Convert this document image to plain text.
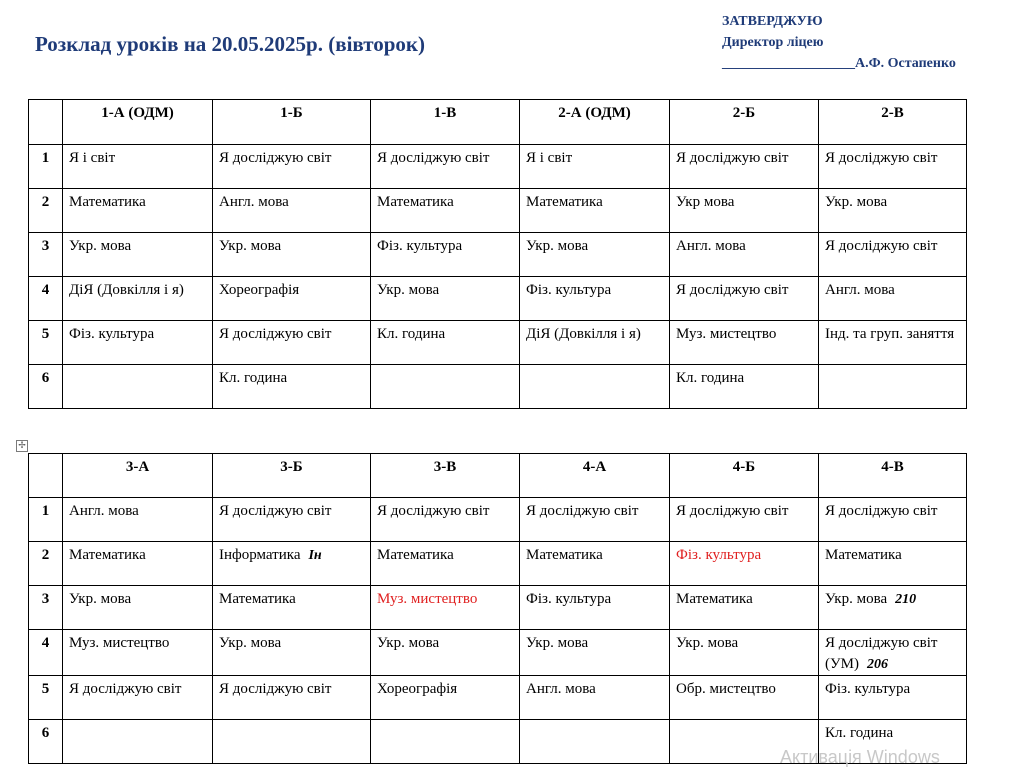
Розклад уроків на 20.05.2025р. (вівторок)
ЗАТВЕРДЖУЮ
Директор ліцею
___________________А.Ф. Остапенко
	1-А (ОДМ)	1-Б	1-В	2-А (ОДМ)	2-Б	2-В
1	Я і світ	Я досліджую світ	Я досліджую світ	Я і світ	Я досліджую світ	Я досліджую світ
2	Математика	Англ. мова	Математика	Математика	Укр мова	Укр. мова
3	Укр. мова	Укр. мова	Фіз. культура	Укр. мова	Англ. мова	Я досліджую світ
4	ДіЯ (Довкілля і я)	Хореографія	Укр. мова	Фіз. культура	Я досліджую світ	Англ. мова
5	Фіз. культура	Я досліджую світ	Кл. година	ДіЯ (Довкілля і я)	Муз. мистецтво	Інд. та груп. заняття
6		Кл. година			Кл. година	
✢
	3-А	3-Б	3-В	4-А	4-Б	4-В
1	Англ. мова	Я досліджую світ	Я досліджую світ	Я досліджую світ	Я досліджую світ	Я досліджую світ
2	Математика	Інформатика Ін	Математика	Математика	Фіз. культура	Математика
3	Укр. мова	Математика	Муз. мистецтво	Фіз. культура	Математика	Укр. мова 210
4	Муз. мистецтво	Укр. мова	Укр. мова	Укр. мова	Укр. мова	Я досліджую світ (УМ) 206
5	Я досліджую світ	Я досліджую світ	Хореографія	Англ. мова	Обр. мистецтво	Фіз. культура
6						Кл. година
Активація Windows
